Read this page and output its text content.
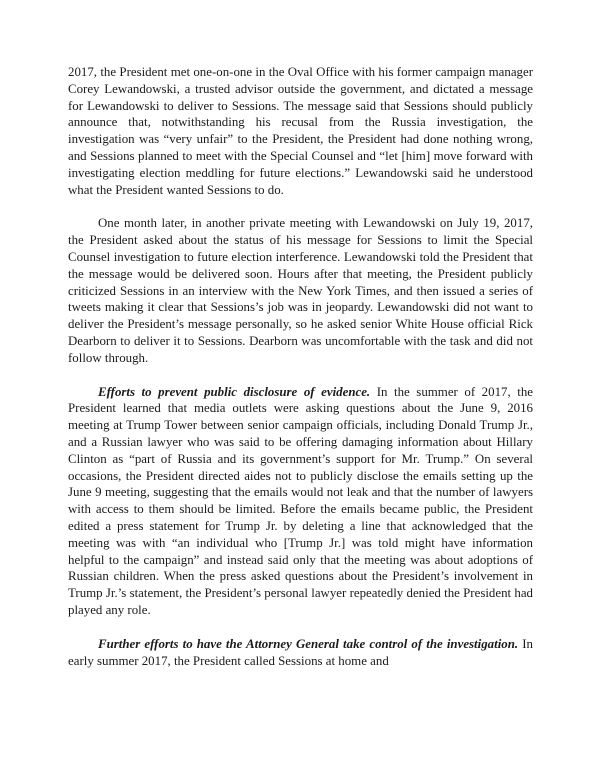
2017, the President met one-on-one in the Oval Office with his former campaign manager Corey Lewandowski, a trusted advisor outside the government, and dictated a message for Lewandowski to deliver to Sessions. The message said that Sessions should publicly announce that, notwithstanding his recusal from the Russia investigation, the investigation was “very unfair” to the President, the President had done nothing wrong, and Sessions planned to meet with the Special Counsel and “let [him] move forward with investigating election meddling for future elections.” Lewandowski said he understood what the President wanted Sessions to do.

One month later, in another private meeting with Lewandowski on July 19, 2017, the President asked about the status of his message for Sessions to limit the Special Counsel investigation to future election interference. Lewandowski told the President that the message would be delivered soon. Hours after that meeting, the President publicly criticized Sessions in an interview with the New York Times, and then issued a series of tweets making it clear that Sessions’s job was in jeopardy. Lewandowski did not want to deliver the President’s message personally, so he asked senior White House official Rick Dearborn to deliver it to Sessions. Dearborn was uncomfortable with the task and did not follow through.

Efforts to prevent public disclosure of evidence. In the summer of 2017, the President learned that media outlets were asking questions about the June 9, 2016 meeting at Trump Tower between senior campaign officials, including Donald Trump Jr., and a Russian lawyer who was said to be offering damaging information about Hillary Clinton as “part of Russia and its government’s support for Mr. Trump.” On several occasions, the President directed aides not to publicly disclose the emails setting up the June 9 meeting, suggesting that the emails would not leak and that the number of lawyers with access to them should be limited. Before the emails became public, the President edited a press statement for Trump Jr. by deleting a line that acknowledged that the meeting was with “an individual who [Trump Jr.] was told might have information helpful to the campaign” and instead said only that the meeting was about adoptions of Russian children. When the press asked questions about the President’s involvement in Trump Jr.’s statement, the President’s personal lawyer repeatedly denied the President had played any role.

Further efforts to have the Attorney General take control of the investigation. In early summer 2017, the President called Sessions at home and
